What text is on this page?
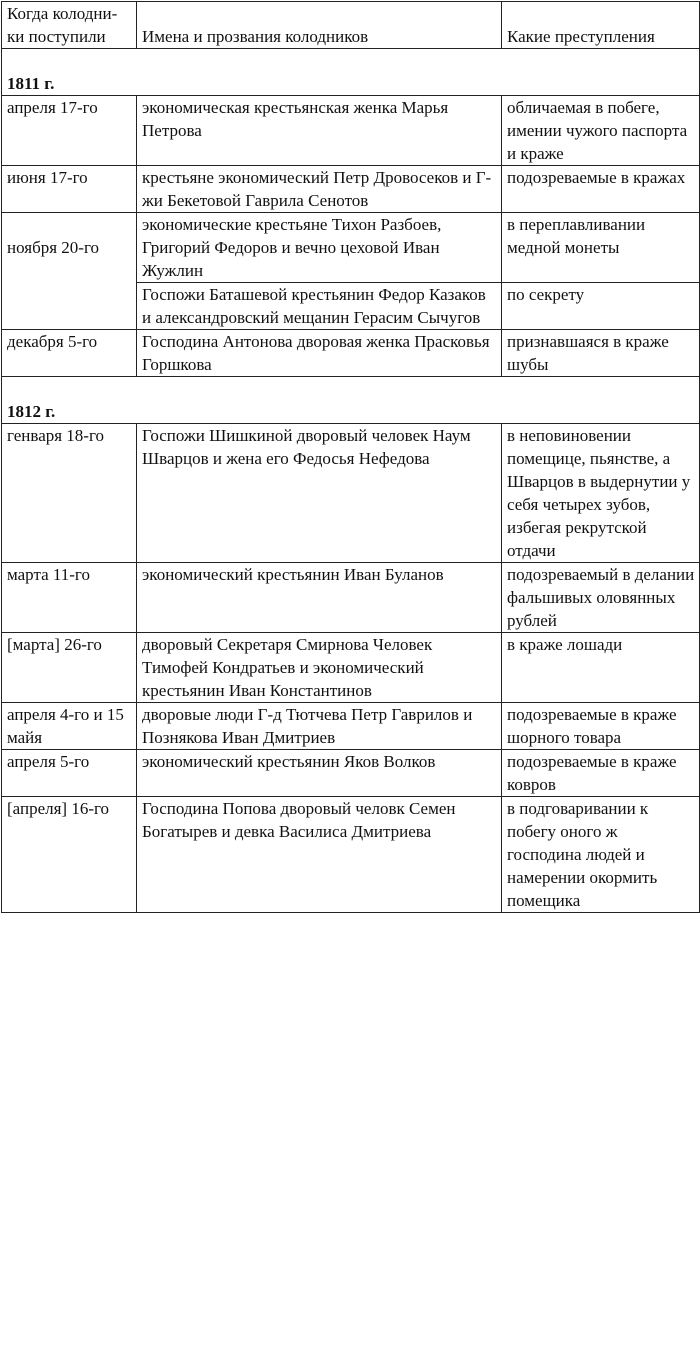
Когда колодни-
ки поступили	Имена и прозвания колодников	Какие преступления
1811 г.		
апреля 17-го	экономическая крестьянская женка Марья Петрова	обличаемая в побеге, имении чужого паспорта и краже
июня 17-го	крестьяне экономический Петр Дровосеков и Г-жи Бекетовой Гаврила Сенотов	подозреваемые в кражах
ноября 20-го	экономические крестьяне Тихон Разбоев, Григорий Федоров и вечно цеховой Иван Жужлин	в переплавливании медной монеты
	Госпожи Баташевой крестьянин Федор Казаков и александровский мещанин Герасим Сычугов	по секрету
декабря 5-го	Господина Антонова дворовая женка Прасковья Горшкова	признавшаяся в краже шубы
1812 г.		
генваря 18-го	Госпожи Шишкиной дворовый человек Наум Шварцов и жена его Федосья Нефедова	в неповиновении помещице, пьянстве, а Шварцов в выдернутии у себя четырех зубов, избегая рекрутской отдачи
марта 11-го	экономический крестьянин Иван Буланов	подозреваемый в делании фальшивых оловянных рублей
[марта] 26-го	дворовый Секретаря Смирнова Человек Тимофей Кондратьев и экономический крестьянин Иван Константинов	в краже лошади
апреля 4-го и 15 майя	дворовые люди Г-д Тютчева Петр Гаврилов и Познякова Иван Дмитриев	подозреваемые в краже шорного товара
апреля 5-го	экономический крестьянин Яков Волков	подозреваемые в краже ковров
[апреля] 16-го	Господина Попова дворовый человк Семен Богатырев и девка Василиса Дмитриева	в подговаривании к побегу оного ж господина людей и намерении окормить помещика
